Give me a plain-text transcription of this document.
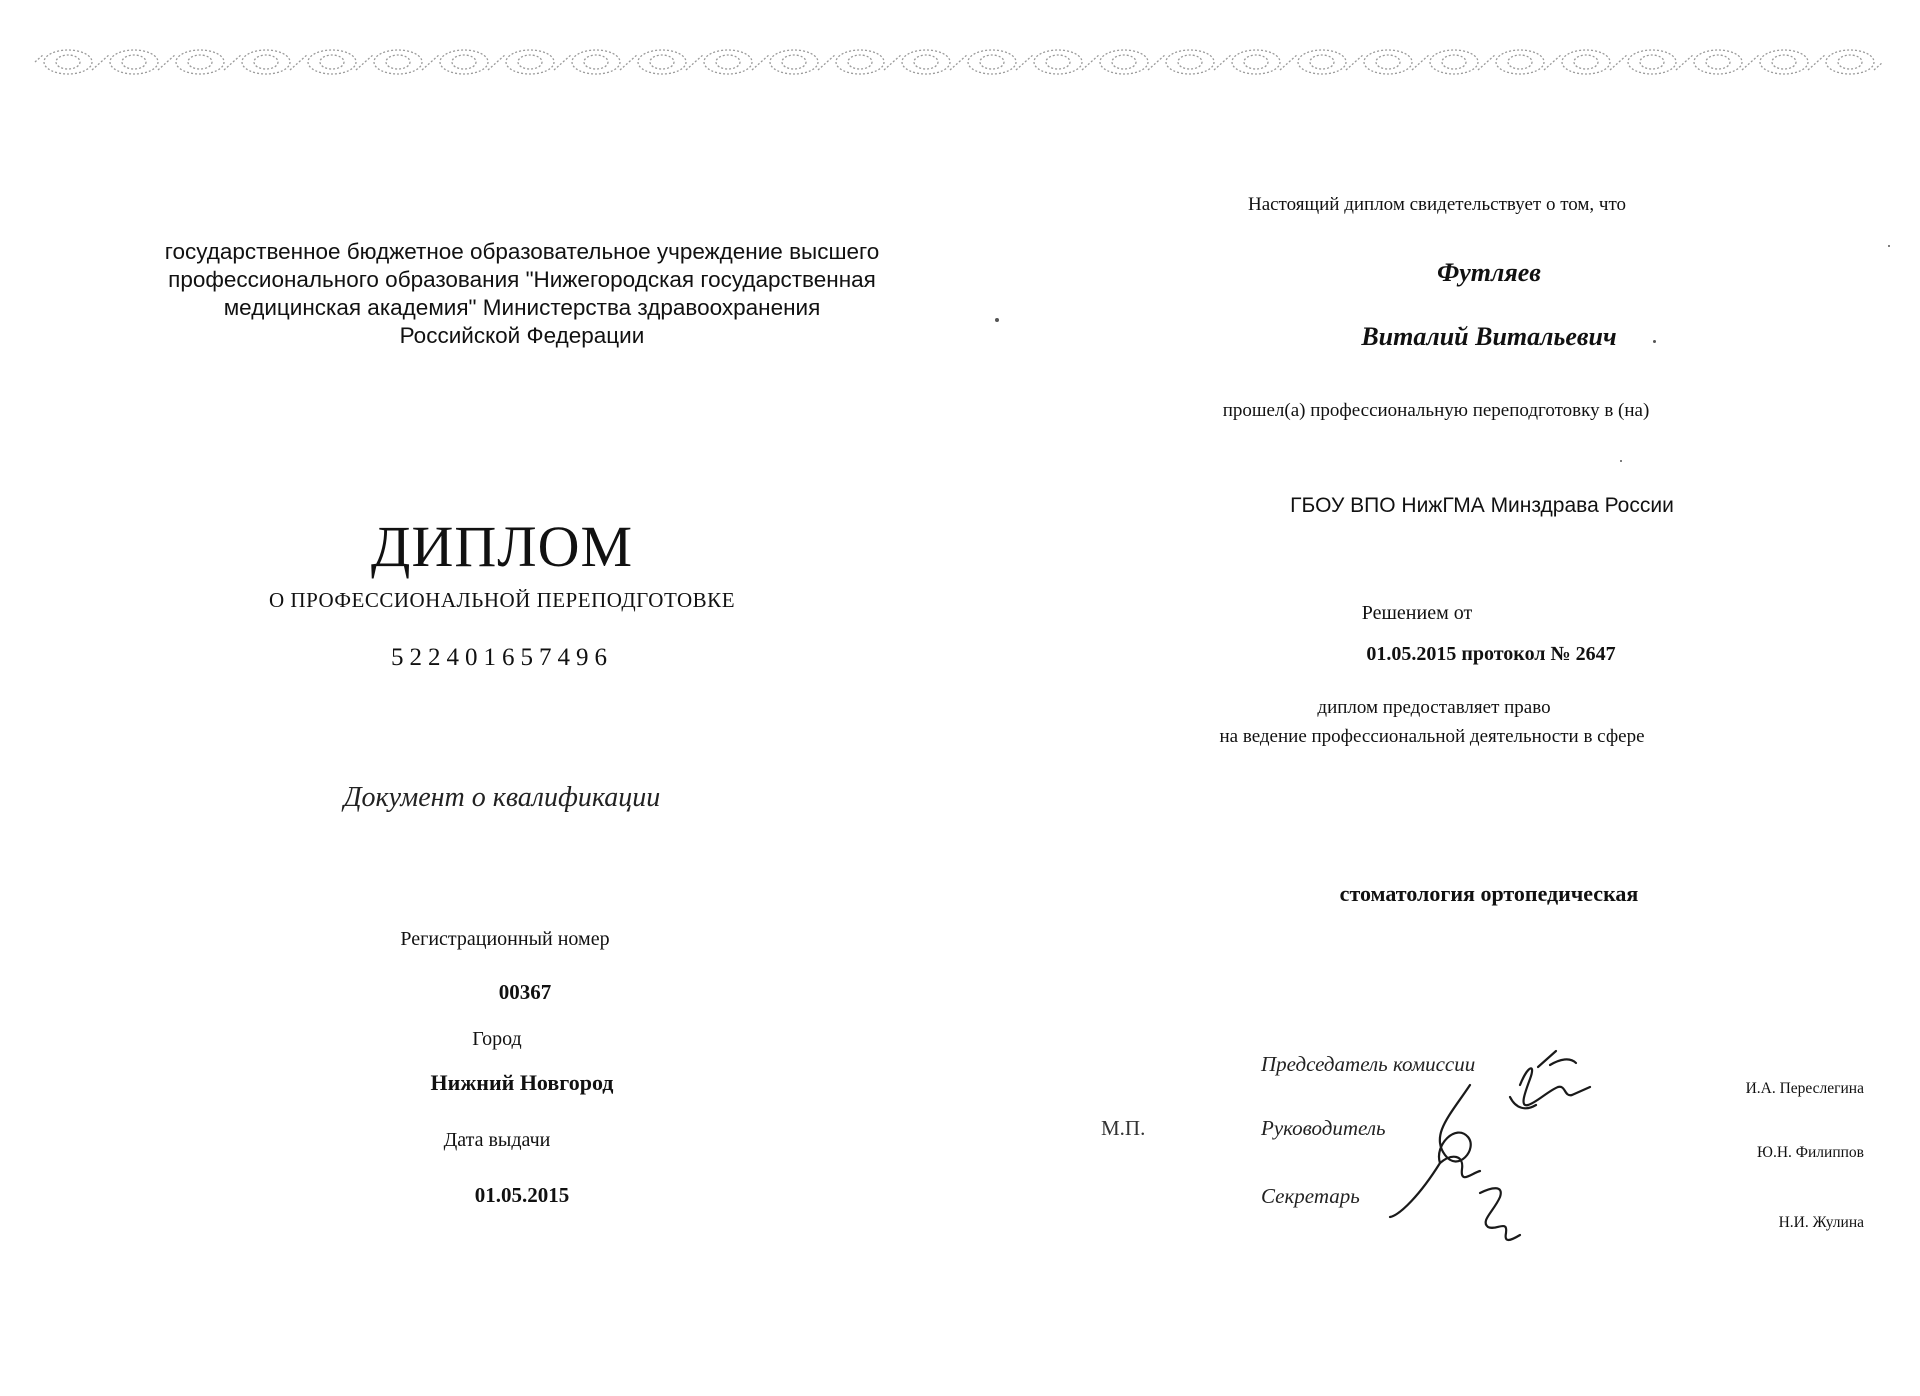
государственное бюджетное образовательное учреждение высшего профессионального образования "Нижегородская государственная медицинская академия" Министерства здравоохранения Российской Федерации
ДИПЛОМ
О ПРОФЕССИОНАЛЬНОЙ ПЕРЕПОДГОТОВКЕ
522401657496
Документ о квалификации
Регистрационный номер
00367
Город
Нижний Новгород
Дата выдачи
01.05.2015
Настоящий диплом свидетельствует о том, что
Футляев
Виталий Витальевич
прошел(а) профессиональную переподготовку в (на)
ГБОУ ВПО НижГМА Минздрава России
Решением от
01.05.2015 протокол № 2647
диплом предоставляет право
на ведение профессиональной деятельности в сфере
стоматология ортопедическая
М.П.
Председатель комиссии
Руководитель
Секретарь
И.А. Переслегина
Ю.Н. Филиппов
Н.И. Жулина
